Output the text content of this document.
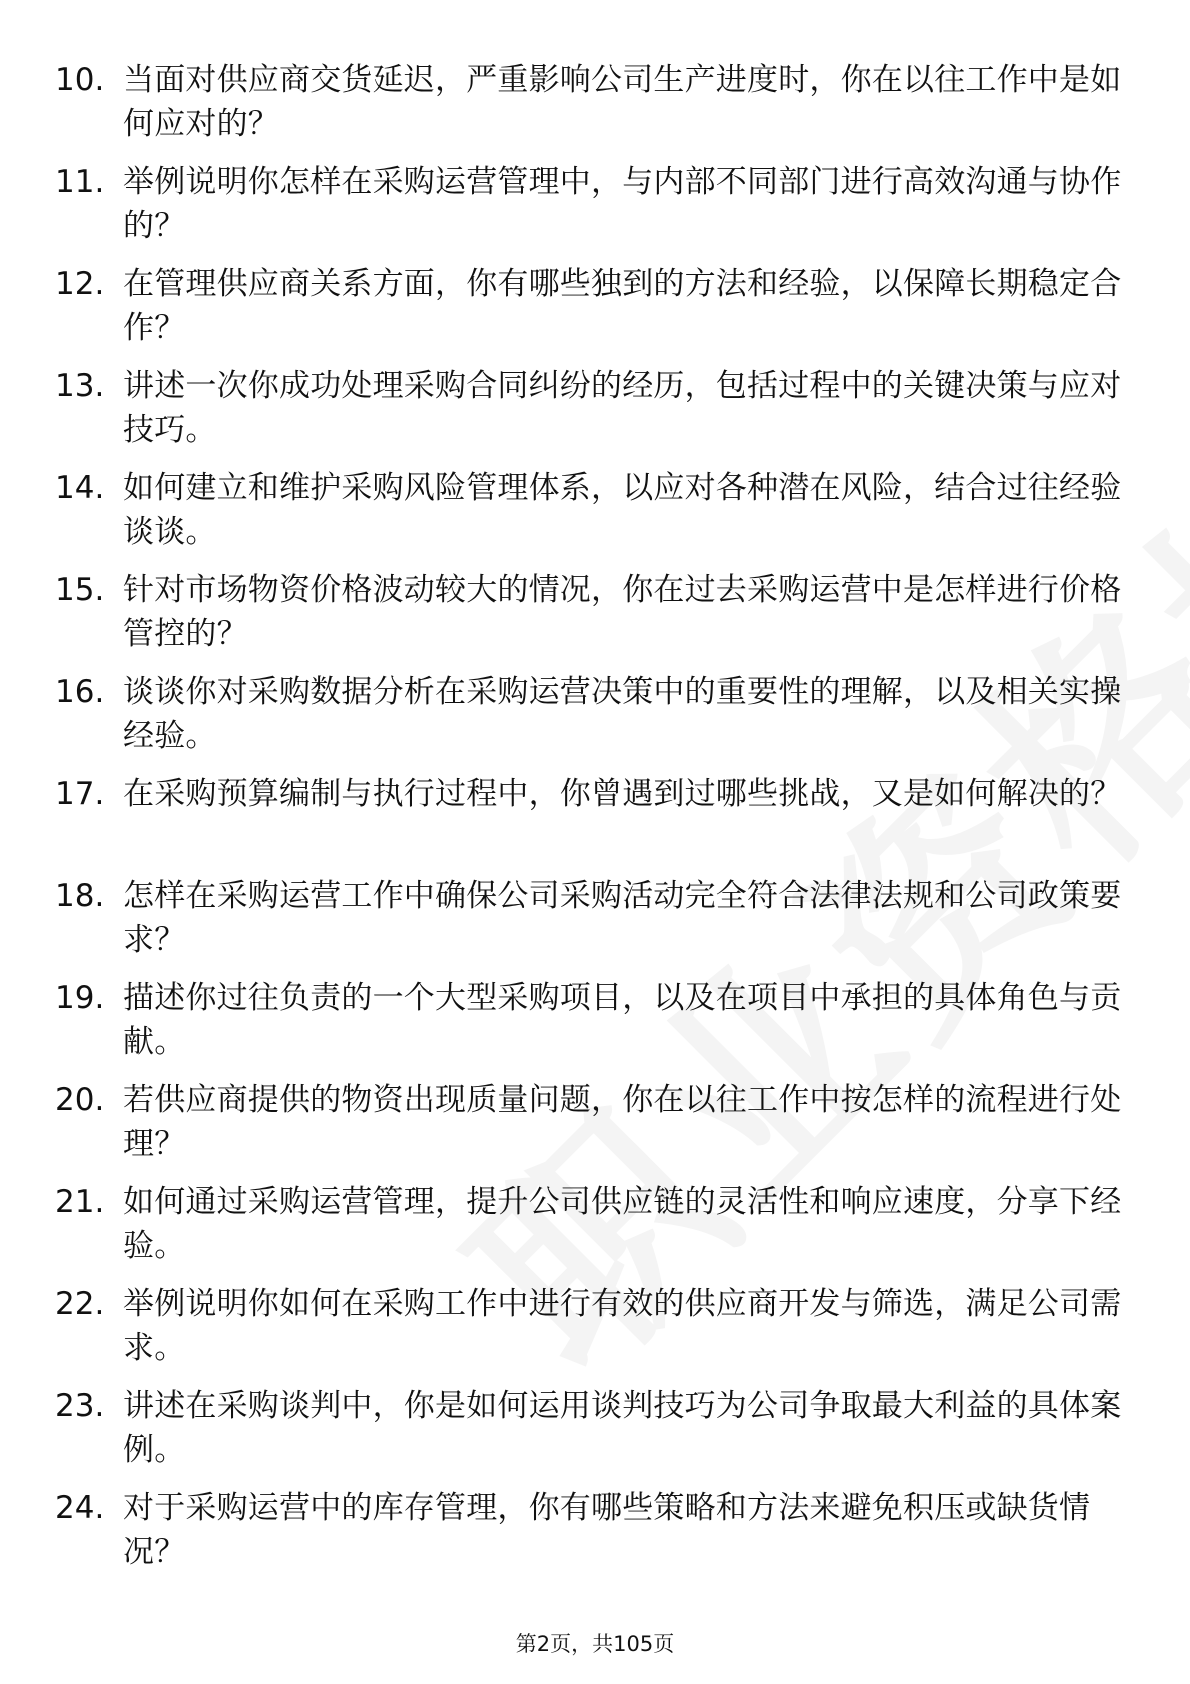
10. 当面对供应商交货延迟，严重影响公司生产进度时，你在以往工作中是如何应对的？
11. 举例说明你怎样在采购运营管理中，与内部不同部门进行高效沟通与协作的？
12. 在管理供应商关系方面，你有哪些独到的方法和经验，以保障长期稳定合作？
13. 讲述一次你成功处理采购合同纠纷的经历，包括过程中的关键决策与应对技巧。
14. 如何建立和维护采购风险管理体系，以应对各种潜在风险，结合过往经验谈谈。
15. 针对市场物资价格波动较大的情况，你在过去采购运营中是怎样进行价格管控的？
16. 谈谈你对采购数据分析在采购运营决策中的重要性的理解，以及相关实操经验。
17. 在采购预算编制与执行过程中，你曾遇到过哪些挑战，又是如何解决的？
18. 怎样在采购运营工作中确保公司采购活动完全符合法律法规和公司政策要求？
19. 描述你过往负责的一个大型采购项目，以及在项目中承担的具体角色与贡献。
20. 若供应商提供的物资出现质量问题，你在以往工作中按怎样的流程进行处理？
21. 如何通过采购运营管理，提升公司供应链的灵活性和响应速度，分享下经验。
22. 举例说明你如何在采购工作中进行有效的供应商开发与筛选，满足公司需求。
23. 讲述在采购谈判中，你是如何运用谈判技巧为公司争取最大利益的具体案例。
24. 对于采购运营中的库存管理，你有哪些策略和方法来避免积压或缺货情况？
第2页，共105页
